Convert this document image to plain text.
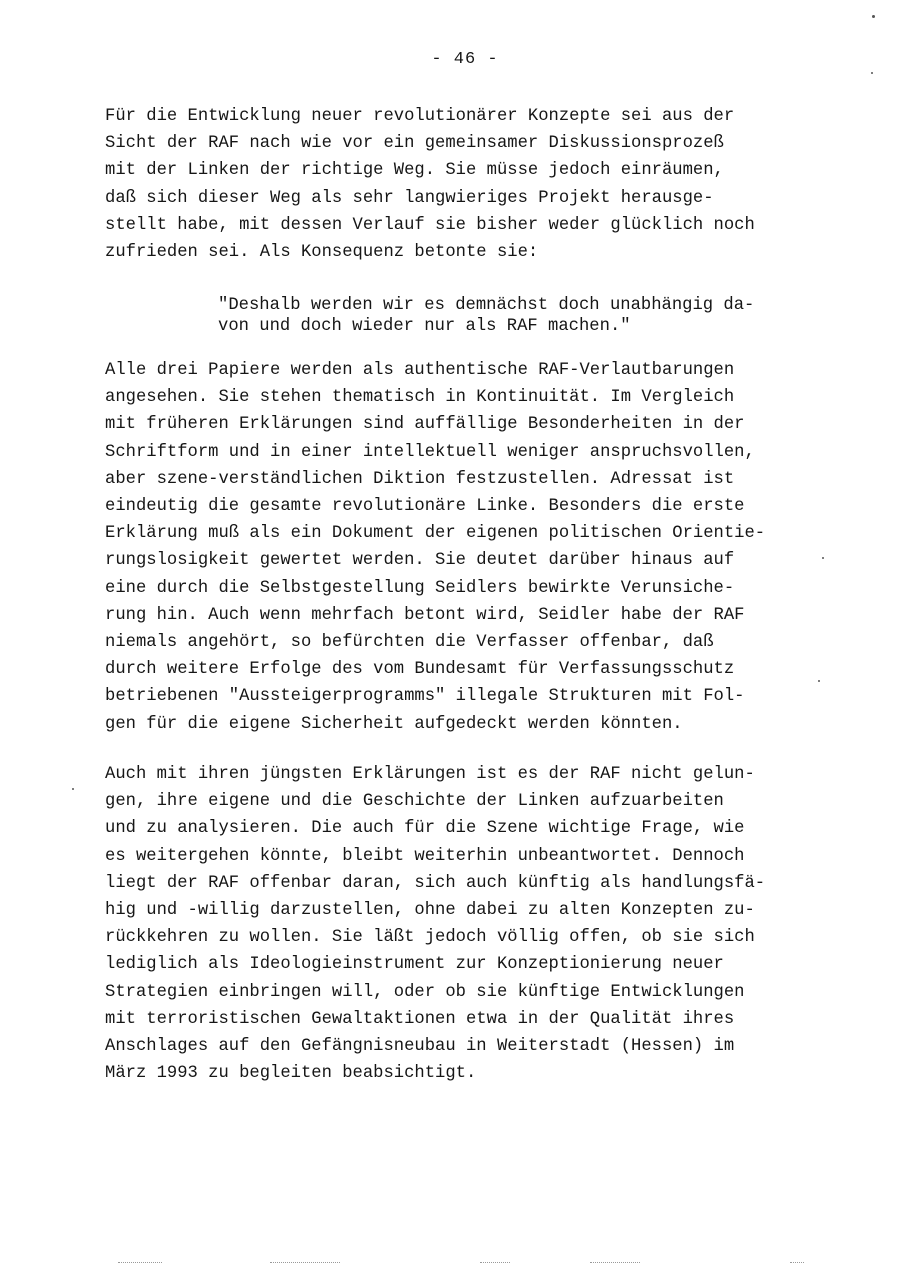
- 46 -

Für die Entwicklung neuer revolutionärer Konzepte sei aus der
Sicht der RAF nach wie vor ein gemeinsamer Diskussionsprozeß
mit der Linken der richtige Weg. Sie müsse jedoch einräumen,
daß sich dieser Weg als sehr langwieriges Projekt herausge-
stellt habe, mit dessen Verlauf sie bisher weder glücklich noch
zufrieden sei. Als Konsequenz betonte sie:

"Deshalb werden wir es demnächst doch unabhängig da-
von und doch wieder nur als RAF machen."

Alle drei Papiere werden als authentische RAF-Verlautbarungen
angesehen. Sie stehen thematisch in Kontinuität. Im Vergleich
mit früheren Erklärungen sind auffällige Besonderheiten in der
Schriftform und in einer intellektuell weniger anspruchsvollen,
aber szene-verständlichen Diktion festzustellen. Adressat ist
eindeutig die gesamte revolutionäre Linke. Besonders die erste
Erklärung muß als ein Dokument der eigenen politischen Orientie-
rungslosigkeit gewertet werden. Sie deutet darüber hinaus auf
eine durch die Selbstgestellung Seidlers bewirkte Verunsiche-
rung hin. Auch wenn mehrfach betont wird, Seidler habe der RAF
niemals angehört, so befürchten die Verfasser offenbar, daß
durch weitere Erfolge des vom Bundesamt für Verfassungsschutz
betriebenen "Aussteigerprogramms" illegale Strukturen mit Fol-
gen für die eigene Sicherheit aufgedeckt werden könnten.

Auch mit ihren jüngsten Erklärungen ist es der RAF nicht gelun-
gen, ihre eigene und die Geschichte der Linken aufzuarbeiten
und zu analysieren. Die auch für die Szene wichtige Frage, wie
es weitergehen könnte, bleibt weiterhin unbeantwortet. Dennoch
liegt der RAF offenbar daran, sich auch künftig als handlungsfä-
hig und -willig darzustellen, ohne dabei zu alten Konzepten zu-
rückkehren zu wollen. Sie läßt jedoch völlig offen, ob sie sich
lediglich als Ideologieinstrument zur Konzeptionierung neuer
Strategien einbringen will, oder ob sie künftige Entwicklungen
mit terroristischen Gewaltaktionen etwa in der Qualität ihres
Anschlages auf den Gefängnisneubau in Weiterstadt (Hessen) im
März 1993 zu begleiten beabsichtigt.
